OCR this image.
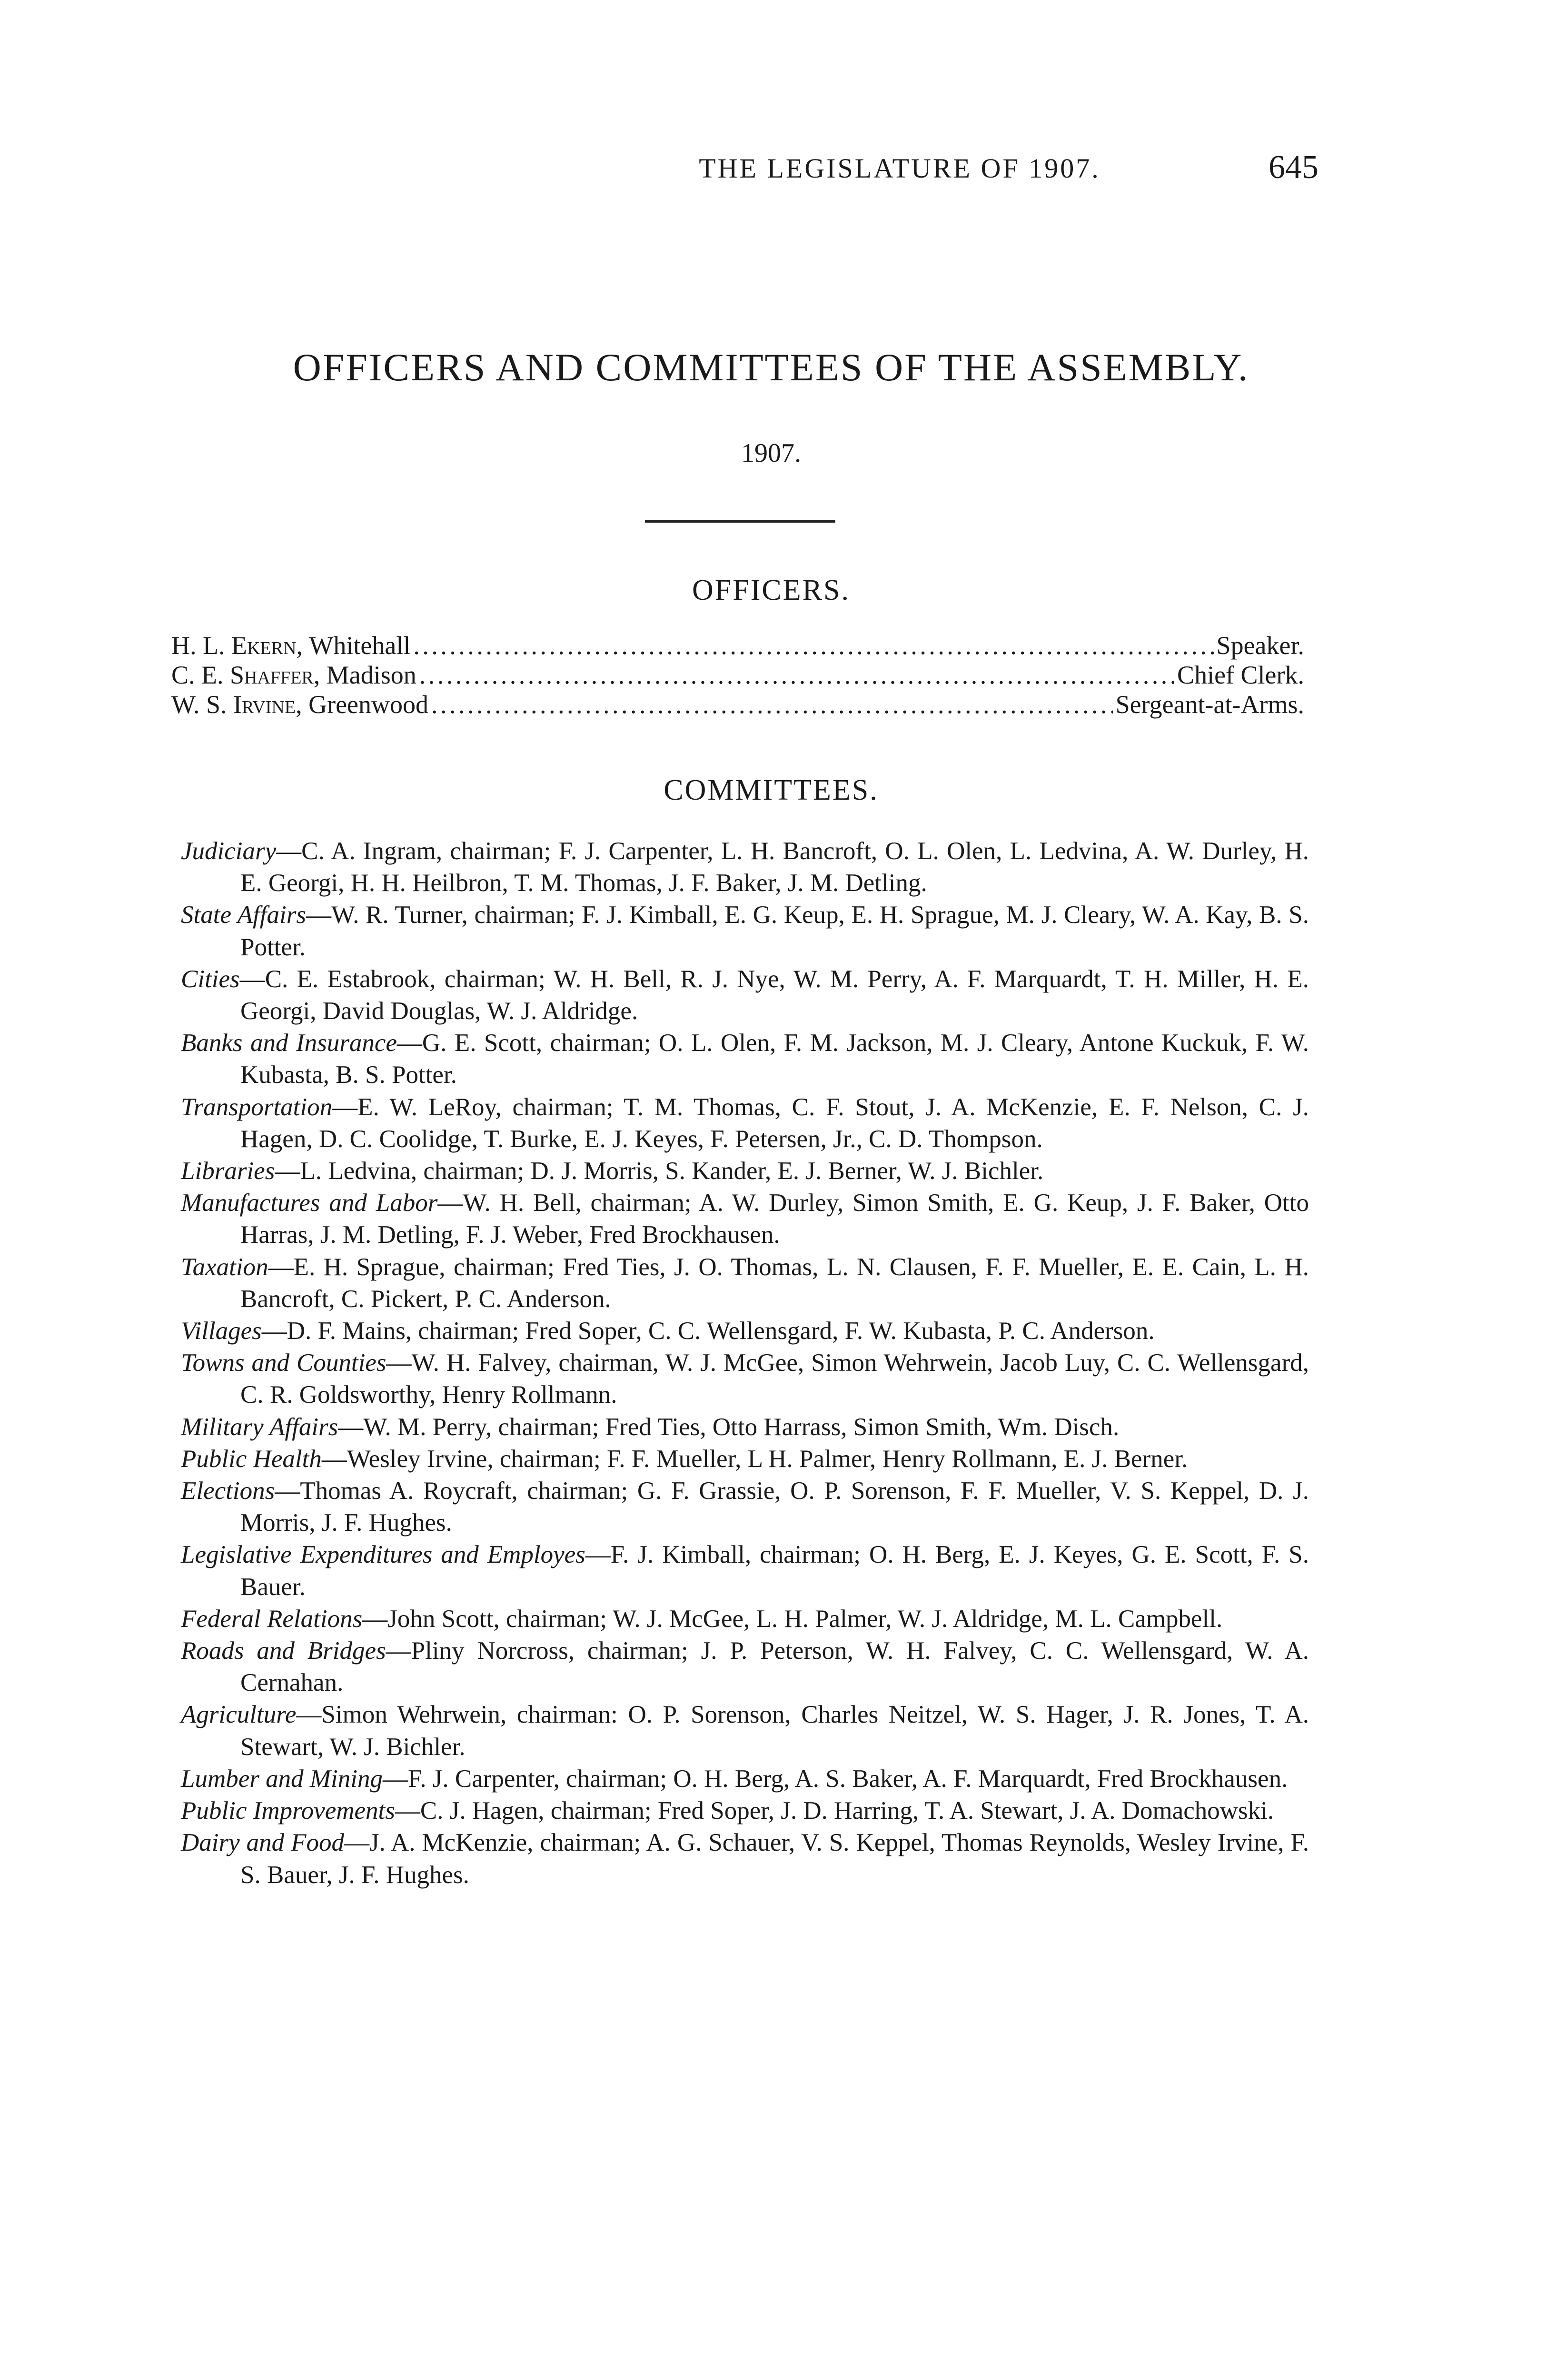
THE LEGISLATURE OF 1907.	645
OFFICERS AND COMMITTEES OF THE ASSEMBLY.
1907.
OFFICERS.
H. L. Ekern , Whitehall . . .	Speaker.
C. E. Shaffer , Madison . . .	Chief Clerk.
W. S. Irvine , Greenwood . . .	Sergeant-at-Arms.
COMMITTEES.
Judiciary—C. A. Ingram, chairman; F. J. Carpenter, L. H. Bancroft, O. L. Olen, L. Ledvina, A. W. Durley, H. E. Georgi, H. H. Heilbron, T. M. Thomas, J. F. Baker, J. M. Detling.
State Affairs—W. R. Turner, chairman; F. J. Kimball, E. G. Keup, E. H. Sprague, M. J. Cleary, W. A. Kay, B. S. Potter.
Cities—C. E. Estabrook, chairman; W. H. Bell, R. J. Nye, W. M. Perry, A. F. Marquardt, T. H. Miller, H. E. Georgi, David Douglas, W. J. Aldridge.
Banks and Insurance—G. E. Scott, chairman; O. L. Olen, F. M. Jackson, M. J. Cleary, Antone Kuckuk, F. W. Kubasta, B. S. Potter.
Transportation—E. W. LeRoy, chairman; T. M. Thomas, C. F. Stout, J. A. McKenzie, E. F. Nelson, C. J. Hagen, D. C. Coolidge, T. Burke, E. J. Keyes, F. Petersen, Jr., C. D. Thompson.
Libraries—L. Ledvina, chairman; D. J. Morris, S. Kander, E. J. Berner, W. J. Bichler.
Manufactures and Labor—W. H. Bell, chairman; A. W. Durley, Simon Smith, E. G. Keup, J. F. Baker, Otto Harras, J. M. Detling, F. J. Weber, Fred Brockhausen.
Taxation—E. H. Sprague, chairman; Fred Ties, J. O. Thomas, L. N. Clausen, F. F. Mueller, E. E. Cain, L. H. Bancroft, C. Pickert, P. C. Anderson.
Villages—D. F. Mains, chairman; Fred Soper, C. C. Wellensgard, F. W. Kubasta, P. C. Anderson.
Towns and Counties—W. H. Falvey, chairman, W. J. McGee, Simon Wehrwein, Jacob Luy, C. C. Wellensgard, C. R. Goldsworthy, Henry Rollmann.
Military Affairs—W. M. Perry, chairman; Fred Ties, Otto Harrass, Simon Smith, Wm. Disch.
Public Health—Wesley Irvine, chairman; F. F. Mueller, L H. Palmer, Henry Rollmann, E. J. Berner.
Elections—Thomas A. Roycraft, chairman; G. F. Grassie, O. P. Sorenson, F. F. Mueller, V. S. Keppel, D. J. Morris, J. F. Hughes.
Legislative Expenditures and Employes—F. J. Kimball, chairman; O. H. Berg, E. J. Keyes, G. E. Scott, F. S. Bauer.
Federal Relations—John Scott, chairman; W. J. McGee, L. H. Palmer, W. J. Aldridge, M. L. Campbell.
Roads and Bridges—Pliny Norcross, chairman; J. P. Peterson, W. H. Falvey, C. C. Wellensgard, W. A. Cernahan.
Agriculture—Simon Wehrwein, chairman: O. P. Sorenson, Charles Neitzel, W. S. Hager, J. R. Jones, T. A. Stewart, W. J. Bichler.
Lumber and Mining—F. J. Carpenter, chairman; O. H. Berg, A. S. Baker, A. F. Marquardt, Fred Brockhausen.
Public Improvements—C. J. Hagen, chairman; Fred Soper, J. D. Harring, T. A. Stewart, J. A. Domachowski.
Dairy and Food—J. A. McKenzie, chairman; A. G. Schauer, V. S. Keppel, Thomas Reynolds, Wesley Irvine, F. S. Bauer, J. F. Hughes.
